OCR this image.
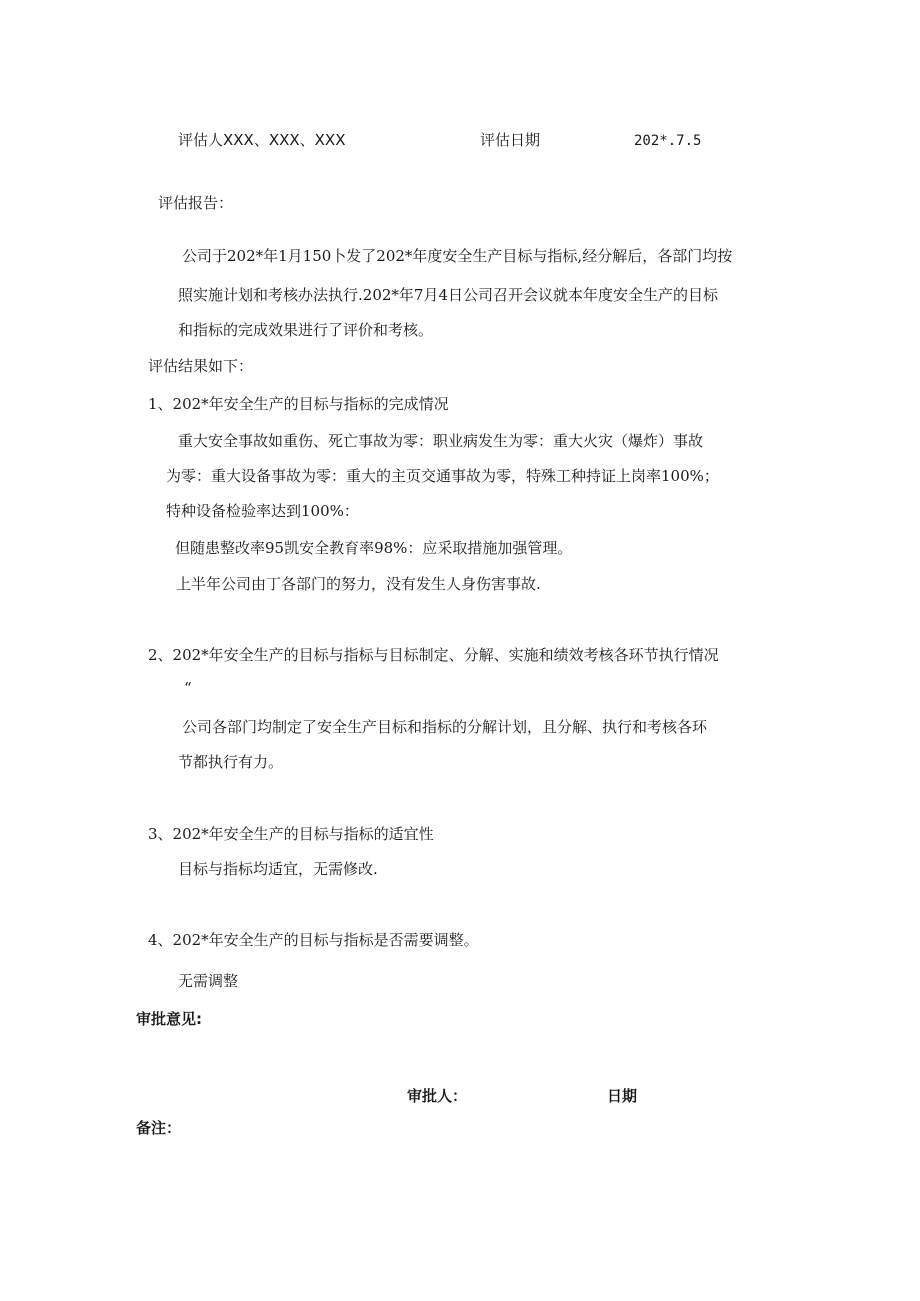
评估人XXX、XXX、XXX	评估日期	202*.7.5
评估报告：
公司于202*年1月150卜发了202*年度安全生产目标与指标,经分解后，各部门均按
照实施计划和考核办法执行.202*年7月4日公司召开会议就本年度安全生产的目标
和指标的完成效果进行了评价和考核。
评估结果如下：
1、202*年安全生产的目标与指标的完成情况
重大安全事故如重伤、死亡事故为零：职业病发生为零：重大火灾（爆炸）事故
为零：重大设备事故为零：重大的主页交通事故为零，特殊工种持证上岗率100%；
特种设备检验率达到100%：
但随患整改率95凯安全教育率98%：应采取措施加强管理。
上半年公司由丁各部门的努力，没有发生人身伤害事故.
2、202*年安全生产的目标与指标与目标制定、分解、实施和绩效考核各环节执行情况
“
公司各部门均制定了安全生产目标和指标的分解计划，且分解、执行和考核各环
节都执行有力。
3、202*年安全生产的目标与指标的适宜性
目标与指标均适宜，无需修改.
4、202*年安全生产的目标与指标是否需要调整。
无需调整
审批意见:
审批人：	日期
备注：
